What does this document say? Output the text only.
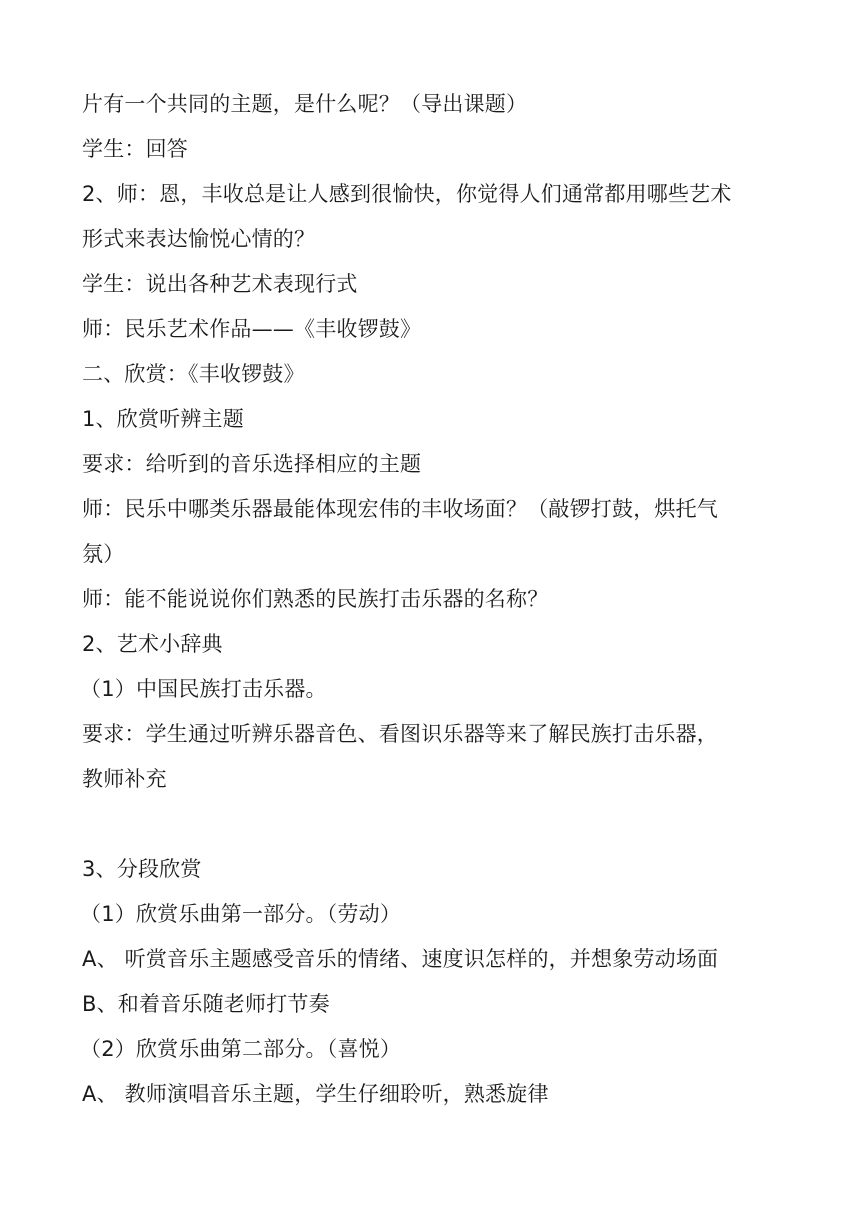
片有一个共同的主题，是什么呢？（导出课题）
学生：回答
2、师：恩，丰收总是让人感到很愉快，你觉得人们通常都用哪些艺术
形式来表达愉悦心情的？
学生：说出各种艺术表现行式
师：民乐艺术作品——《丰收锣鼓》
二、欣赏：《丰收锣鼓》
1、欣赏听辨主题
要求：给听到的音乐选择相应的主题
师：民乐中哪类乐器最能体现宏伟的丰收场面？（敲锣打鼓，烘托气
氛）
师：能不能说说你们熟悉的民族打击乐器的名称？
2、艺术小辞典
（1）中国民族打击乐器。
要求：学生通过听辨乐器音色、看图识乐器等来了解民族打击乐器，
教师补充
3、分段欣赏
（1）欣赏乐曲第一部分。（劳动）
A、 听赏音乐主题感受音乐的情绪、速度识怎样的，并想象劳动场面
B、和着音乐随老师打节奏
（2）欣赏乐曲第二部分。（喜悦）
A、 教师演唱音乐主题，学生仔细聆听，熟悉旋律
